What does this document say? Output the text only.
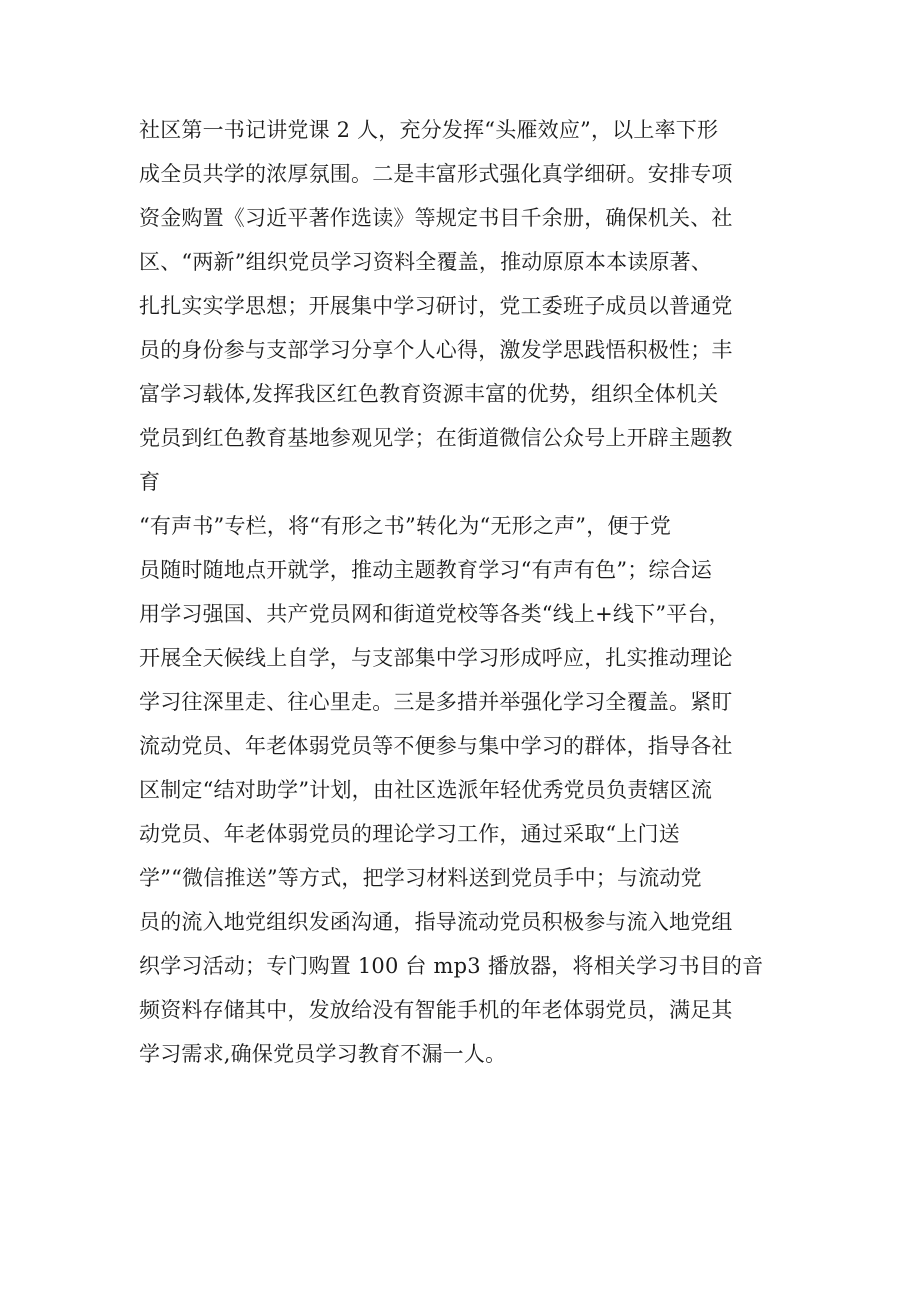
社区第一书记讲党课 2 人，充分发挥“头雁效应”，以上率下形
成全员共学的浓厚氛围。二是丰富形式强化真学细研。安排专项
资金购置《习近平著作选读》等规定书目千余册，确保机关、社
区、“两新”组织党员学习资料全覆盖，推动原原本本读原著、
扎扎实实学思想；开展集中学习研讨，党工委班子成员以普通党
员的身份参与支部学习分享个人心得，激发学思践悟积极性；丰
富学习载体,发挥我区红色教育资源丰富的优势，组织全体机关
党员到红色教育基地参观见学；在街道微信公众号上开辟主题教
育
“有声书”专栏，将“有形之书”转化为“无形之声”，便于党
员随时随地点开就学，推动主题教育学习“有声有色”；综合运
用学习强国、共产党员网和街道党校等各类“线上+线下”平台，
开展全天候线上自学，与支部集中学习形成呼应，扎实推动理论
学习往深里走、往心里走。三是多措并举强化学习全覆盖。紧盯
流动党员、年老体弱党员等不便参与集中学习的群体，指导各社
区制定“结对助学”计划，由社区选派年轻优秀党员负责辖区流
动党员、年老体弱党员的理论学习工作，通过采取“上门送
学”“微信推送”等方式，把学习材料送到党员手中；与流动党
员的流入地党组织发函沟通，指导流动党员积极参与流入地党组
织学习活动；专门购置 100 台 mp3 播放器，将相关学习书目的音
频资料存储其中，发放给没有智能手机的年老体弱党员，满足其
学习需求,确保党员学习教育不漏一人。
